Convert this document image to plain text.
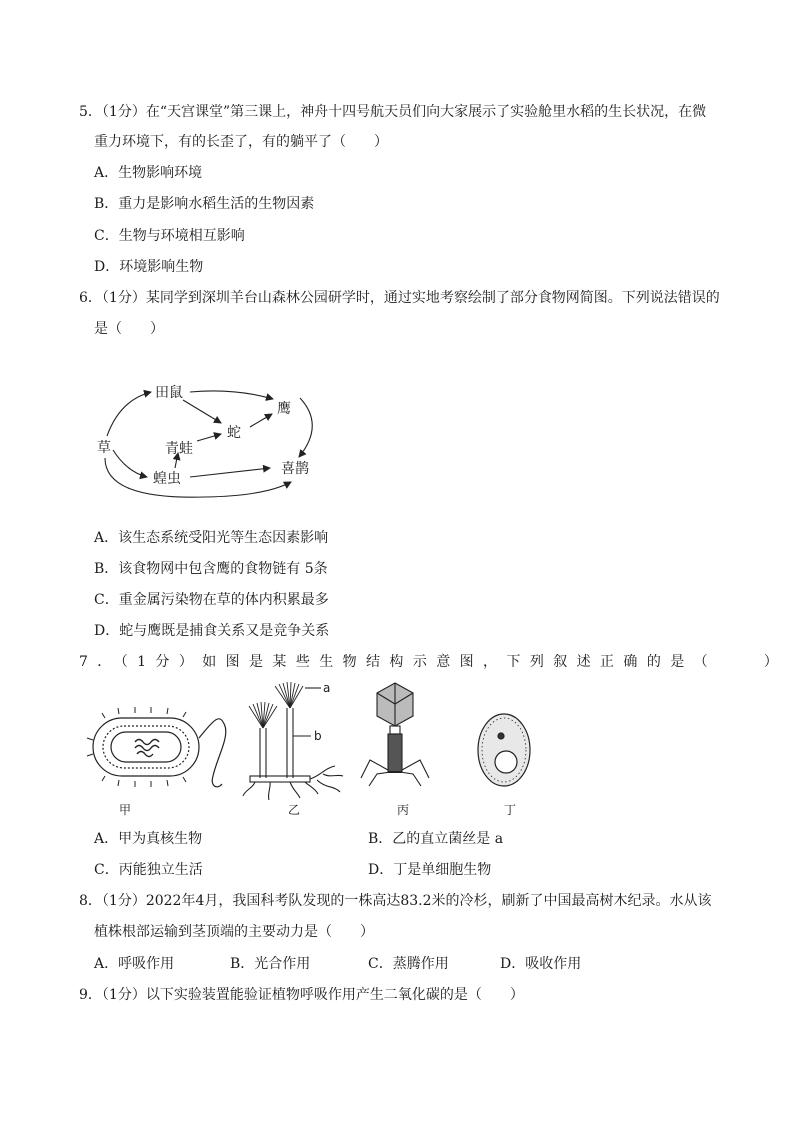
5．（1分）在“天宫课堂”第三课上，神舟十四号航天员们向大家展示了实验舱里水稻的生长状况，在微
重力环境下，有的长歪了，有的躺平了（　　）
A．生物影响环境
B．重力是影响水稻生活的生物因素
C．生物与环境相互影响
D．环境影响生物
6．（1分）某同学到深圳羊台山森林公园研学时，通过实地考察绘制了部分食物网简图。下列说法错误的
是（　　）
田鼠
鹰
蛇
青蛙
草
喜鹊
蝗虫
A．该生态系统受阳光等生态因素影响
B．该食物网中包含鹰的食物链有 5条
C．重金属污染物在草的体内积累最多
D．蛇与鹰既是捕食关系又是竞争关系
7．（1分）如图是某些生物结构示意图，下列叙述正确的是（　　）
a
b
甲	乙	丙	丁
A．甲为真核生物	B．乙的直立菌丝是 a
C．丙能独立生活	D．丁是单细胞生物
8．（1分）2022年4月，我国科考队发现的一株高达83.2米的冷杉，刷新了中国最高树木纪录。水从该
植株根部运输到茎顶端的主要动力是（　　）
A．呼吸作用	B．光合作用	C．蒸腾作用	D．吸收作用
9．（1分）以下实验装置能验证植物呼吸作用产生二氧化碳的是（　　）
